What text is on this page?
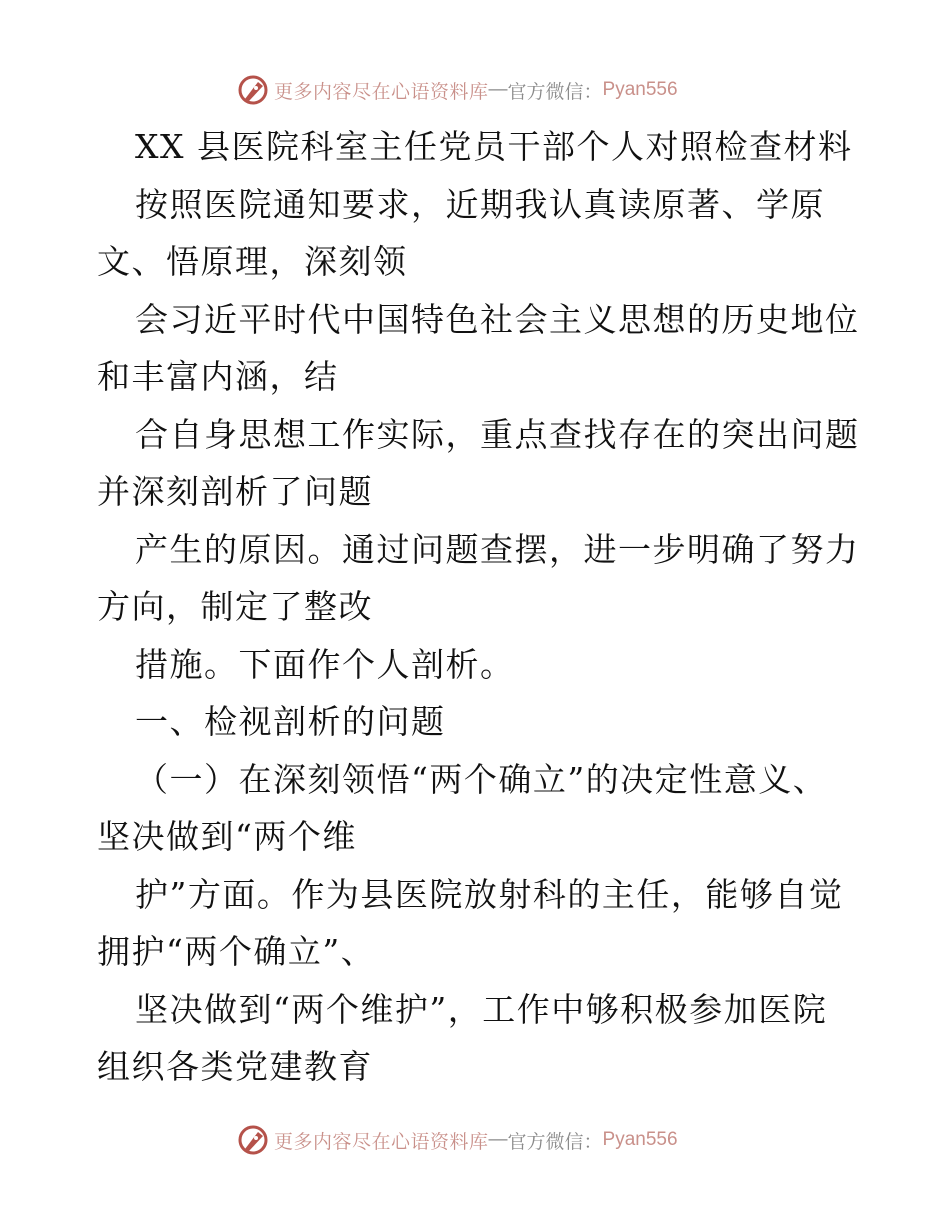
更多内容尽在心语资料库 — 官方微信： Pyan556
XX 县医院科室主任党员干部个人对照检查材料
按照医院通知要求，近期我认真读原著、学原
文、悟原理，深刻领
会习近平时代中国特色社会主义思想的历史地位
和丰富内涵，结
合自身思想工作实际，重点查找存在的突出问题
并深刻剖析了问题
产生的原因。通过问题查摆，进一步明确了努力
方向，制定了整改
措施。下面作个人剖析。
一、检视剖析的问题
（一）在深刻领悟“两个确立”的决定性意义、
坚决做到“两个维
护”方面。作为县医院放射科的主任，能够自觉
拥护“两个确立”、
坚决做到“两个维护”，工作中够积极参加医院
组织各类党建教育
更多内容尽在心语资料库 — 官方微信： Pyan556
